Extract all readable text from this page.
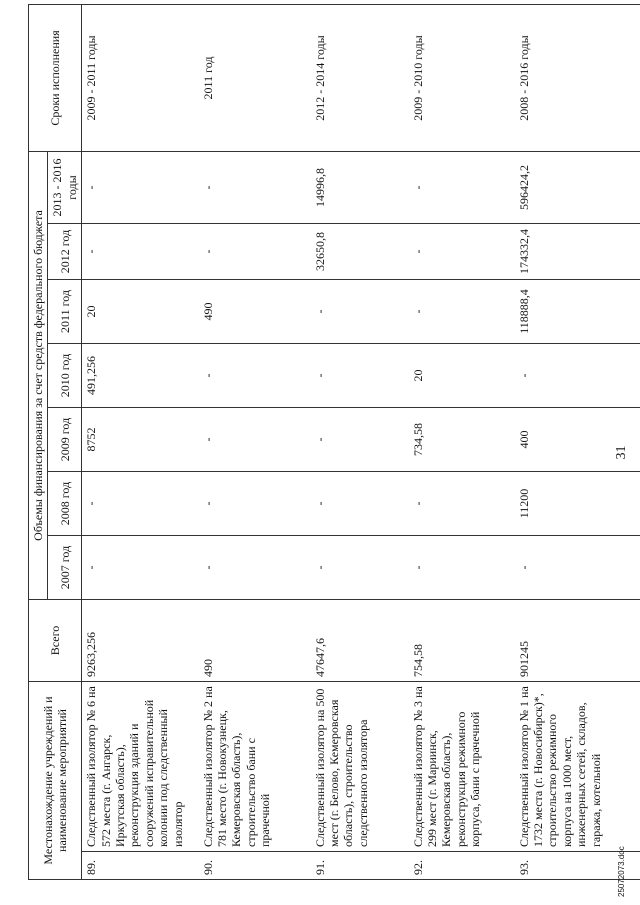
Местонахождение учреждений и наименование мероприятий		Всего	Объемы финансирования за счет средств федерального бюджета							Сроки исполнения
			2007 год	2008 год	2009 год	2010 год	2011 год	2012 год	2013 - 2016 годы	
89.	Следственный изолятор № 6 на 572 места (г. Ангарск, Иркутская область), реконструкция зданий и сооружений исправительной колонии под следственный изолятор	9263,256	-	-	8752	491,256	20	-	-	2009 - 2011 годы
90.	Следственный изолятор № 2 на 781 место (г. Новокузнецк, Кемеровская область), строительство бани с прачечной	490	-	-	-	-	490	-	-	2011 год
91.	Следственный изолятор на 500 мест (г. Белово, Кемеровская область), строительство следственного изолятора	47647,6	-	-	-	-	-	32650,8	14996,8	2012 - 2014 годы
92.	Следственный изолятор № 3 на 299 мест (г. Мариинск, Кемеровская область), реконструкция режимного корпуса, бани с прачечной	754,58	-	-	734,58	20	-	-	-	2009 - 2010 годы
93.	Следственный изолятор № 1 на 1732 места (г. Новосибирск)*, строительство режимного корпуса на 1000 мест, инженерных сетей, складов, гаража, котельной	901245	-	11200	400	-	118888,4	174332,4	596424,2	2008 - 2016 годы
31
25072073.doc
